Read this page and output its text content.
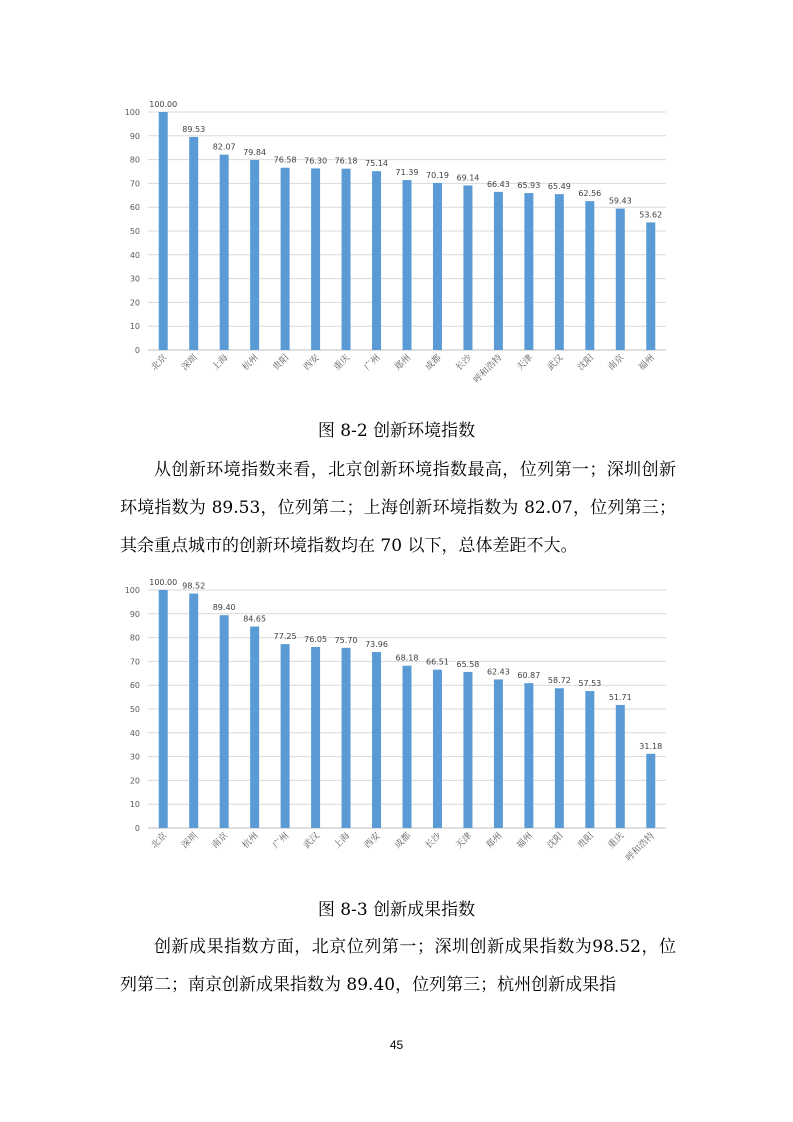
0
10
20
30
40
50
60
70
80
90
100
100.00
北京
89.53
深圳
82.07
上海
79.84
杭州
76.58
贵阳
76.30
西安
76.18
重庆
75.14
广州
71.39
郑州
70.19
成都
69.14
长沙
66.43
呼和浩特
65.93
天津
65.49
武汉
62.56
沈阳
59.43
南京
53.62
福州
图 8-2 创新环境指数

从创新环境指数来看，北京创新环境指数最高，位列第一；深圳创新环境指数为 89.53，位列第二；上海创新环境指数为 82.07，位列第三；其余重点城市的创新环境指数均在 70 以下，总体差距不大。

0
10
20
30
40
50
60
70
80
90
100
100.00
北京
98.52
深圳
89.40
南京
84.65
杭州
77.25
广州
76.05
武汉
75.70
上海
73.96
西安
68.18
成都
66.51
长沙
65.58
天津
62.43
郑州
60.87
福州
58.72
沈阳
57.53
贵阳
51.71
重庆
31.18
呼和浩特
图 8-3 创新成果指数

创新成果指数方面，北京位列第一；深圳创新成果指数为98.52，位列第二；南京创新成果指数为 89.40，位列第三；杭州创新成果指

45
